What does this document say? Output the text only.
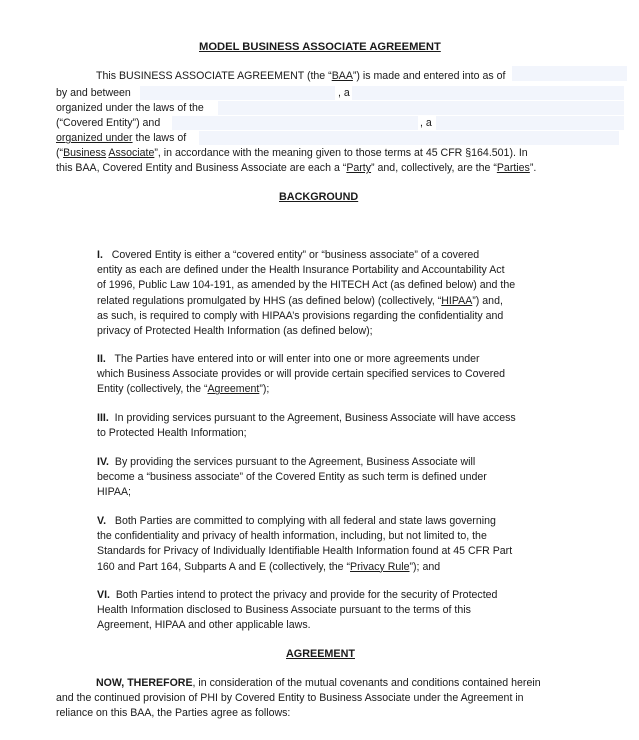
MODEL BUSINESS ASSOCIATE AGREEMENT
This BUSINESS ASSOCIATE AGREEMENT (the “BAA”) is made and entered into as of
by and between	, a
organized under the laws of the
(“Covered Entity”) and	, a
organized under the laws of
(“Business Associate”, in accordance with the meaning given to those terms at 45 CFR §164.501). In
this BAA, Covered Entity and Business Associate are each a “Party” and, collectively, are the “Parties”.
BACKGROUND
I. Covered Entity is either a “covered entity” or “business associate” of a covered
entity as each are defined under the Health Insurance Portability and Accountability Act
of 1996, Public Law 104-191, as amended by the HITECH Act (as defined below) and the
related regulations promulgated by HHS (as defined below) (collectively, “HIPAA”) and,
as such, is required to comply with HIPAA’s provisions regarding the confidentiality and
privacy of Protected Health Information (as defined below);
II. The Parties have entered into or will enter into one or more agreements under
which Business Associate provides or will provide certain specified services to Covered
Entity (collectively, the “Agreement”);
III. In providing services pursuant to the Agreement, Business Associate will have access
to Protected Health Information;
IV. By providing the services pursuant to the Agreement, Business Associate will
become a “business associate” of the Covered Entity as such term is defined under
HIPAA;
V. Both Parties are committed to complying with all federal and state laws governing
the confidentiality and privacy of health information, including, but not limited to, the
Standards for Privacy of Individually Identifiable Health Information found at 45 CFR Part
160 and Part 164, Subparts A and E (collectively, the “Privacy Rule”); and
VI. Both Parties intend to protect the privacy and provide for the security of Protected
Health Information disclosed to Business Associate pursuant to the terms of this
Agreement, HIPAA and other applicable laws.
AGREEMENT
NOW, THEREFORE, in consideration of the mutual covenants and conditions contained herein
and the continued provision of PHI by Covered Entity to Business Associate under the Agreement in
reliance on this BAA, the Parties agree as follows:
